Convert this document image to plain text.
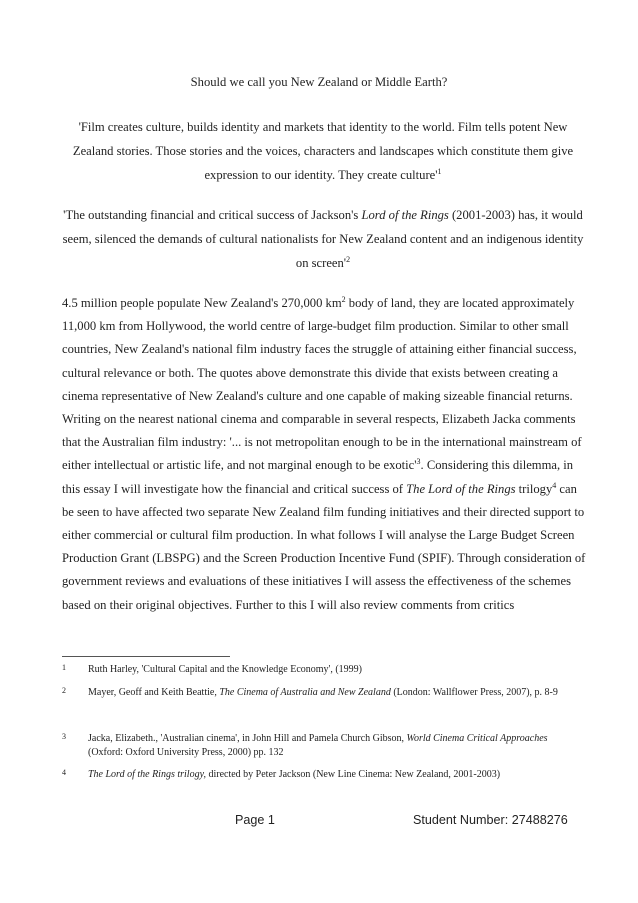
Should we call you New Zealand or Middle Earth?
'Film creates culture, builds identity and markets that identity to the world. Film tells potent New Zealand stories. Those stories and the voices, characters and landscapes which constitute them give expression to our identity. They create $culture'^1$
'The outstanding financial and critical success of Jackson's Lord of the Rings (2001-2003) has, it would seem, silenced the demands of cultural nationalists for New Zealand content and an indigenous identity on $screen'^2$
4.5 million people populate New Zealand's 270,000 $km^2$ body of land, they are located approximately 11,000 km from Hollywood, the world centre of large-budget film production. Similar to other small countries, New Zealand's national film industry faces the struggle of attaining either financial success, cultural relevance or both. The quotes above demonstrate this divide that exists between creating a cinema representative of New Zealand's culture and one capable of making sizeable financial returns. Writing on the nearest national cinema and comparable in several respects, Elizabeth Jacka comments that the Australian film industry: '... is not metropolitan enough to be in the international mainstream of either intellectual or artistic life, and not marginal enough to be $exotic'^3$. Considering this dilemma, in this essay I will investigate how the financial and critical success of The Lord of the Rings trilogy$^4$ can be seen to have affected two separate New Zealand film funding initiatives and their directed support to either commercial or cultural film production. In what follows I will analyse the Large Budget Screen Production Grant (LBSPG) and the Screen Production Incentive Fund (SPIF). Through consideration of government reviews and evaluations of these initiatives I will assess the effectiveness of the schemes based on their original objectives. Further to this I will also review comments from critics
1	Ruth Harley, 'Cultural Capital and the Knowledge Economy', (1999)
2	Mayer, Geoff and Keith Beattie, The Cinema of Australia and New Zealand (London: Wallflower Press, 2007), p. 8-9
3	Jacka, Elizabeth., 'Australian cinema', in John Hill and Pamela Church Gibson, World Cinema Critical Approaches (Oxford: Oxford University Press, 2000) pp. 132
4	The Lord of the Rings trilogy, directed by Peter Jackson (New Line Cinema: New Zealand, 2001-2003)
Page 1	Student Number: 27488276
